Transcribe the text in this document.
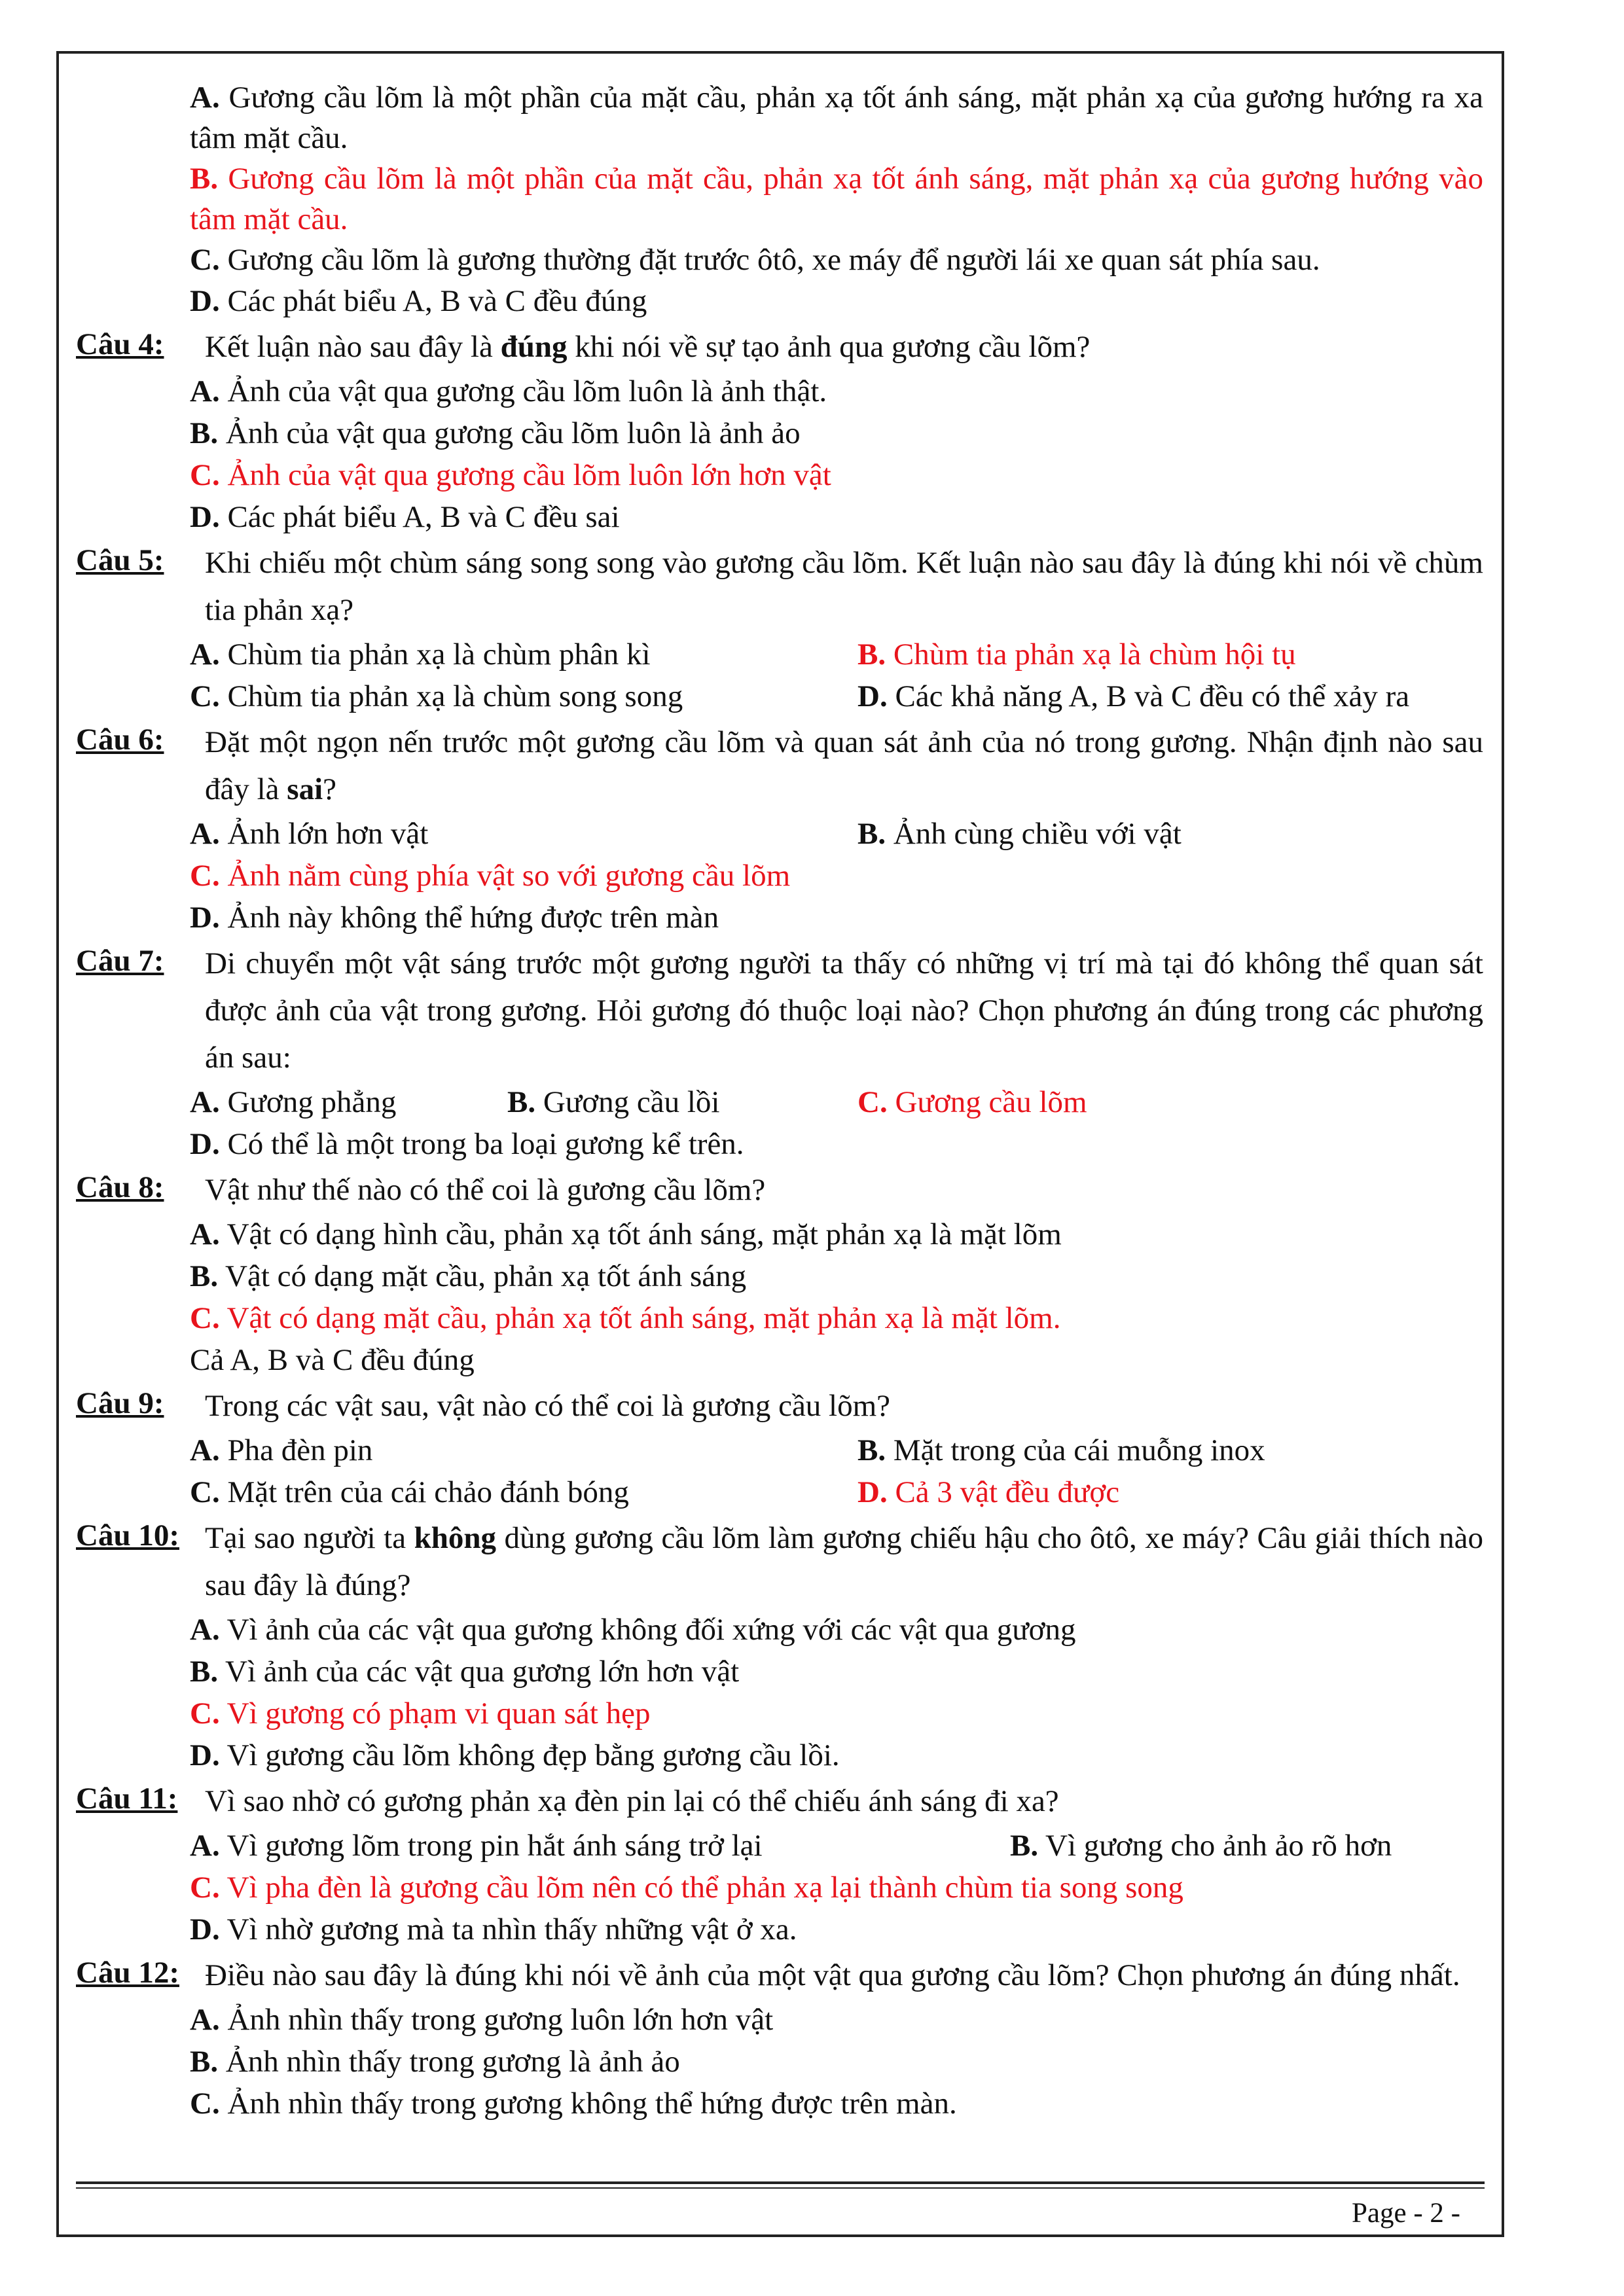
A. Gương cầu lõm là một phần của mặt cầu, phản xạ tốt ánh sáng, mặt phản xạ của gương hướng ra xa tâm mặt cầu.
B. Gương cầu lõm là một phần của mặt cầu, phản xạ tốt ánh sáng, mặt phản xạ của gương hướng vào tâm mặt cầu.
C. Gương cầu lõm là gương thường đặt trước ôtô, xe máy để người lái xe quan sát phía sau.
D. Các phát biểu A, B và C đều đúng
Câu 4: Kết luận nào sau đây là đúng khi nói về sự tạo ảnh qua gương cầu lõm?
A. Ảnh của vật qua gương cầu lõm luôn là ảnh thật.
B. Ảnh của vật qua gương cầu lõm luôn là ảnh ảo
C. Ảnh của vật qua gương cầu lõm luôn lớn hơn vật
D. Các phát biểu A, B và C đều sai
Câu 5: Khi chiếu một chùm sáng song song vào gương cầu lõm. Kết luận nào sau đây là đúng khi nói về chùm tia phản xạ?
A. Chùm tia phản xạ là chùm phân kì	B. Chùm tia phản xạ là chùm hội tụ
C. Chùm tia phản xạ là chùm song song	D. Các khả năng A, B và C đều có thể xảy ra
Câu 6: Đặt một ngọn nến trước một gương cầu lõm và quan sát ảnh của nó trong gương. Nhận định nào sau đây là sai?
A. Ảnh lớn hơn vật	B. Ảnh cùng chiều với vật
C. Ảnh nằm cùng phía vật so với gương cầu lõm
D. Ảnh này không thể hứng được trên màn
Câu 7: Di chuyển một vật sáng trước một gương người ta thấy có những vị trí mà tại đó không thể quan sát được ảnh của vật trong gương. Hỏi gương đó thuộc loại nào? Chọn phương án đúng trong các phương án sau:
A. Gương phẳng	B. Gương cầu lồi	C. Gương cầu lõm
D. Có thể là một trong ba loại gương kể trên.
Câu 8: Vật như thế nào có thể coi là gương cầu lõm?
A. Vật có dạng hình cầu, phản xạ tốt ánh sáng, mặt phản xạ là mặt lõm
B. Vật có dạng mặt cầu, phản xạ tốt ánh sáng
C. Vật có dạng mặt cầu, phản xạ tốt ánh sáng, mặt phản xạ là mặt lõm.
Cả A, B và C đều đúng
Câu 9: Trong các vật sau, vật nào có thể coi là gương cầu lõm?
A. Pha đèn pin	B. Mặt trong của cái muỗng inox
C. Mặt trên của cái chảo đánh bóng	D. Cả 3 vật đều được
Câu 10: Tại sao người ta không dùng gương cầu lõm làm gương chiếu hậu cho ôtô, xe máy? Câu giải thích nào sau đây là đúng?
A. Vì ảnh của các vật qua gương không đối xứng với các vật qua gương
B. Vì ảnh của các vật qua gương lớn hơn vật
C. Vì gương có phạm vi quan sát hẹp
D. Vì gương cầu lõm không đẹp bằng gương cầu lồi.
Câu 11: Vì sao nhờ có gương phản xạ đèn pin lại có thể chiếu ánh sáng đi xa?
A. Vì gương lõm trong pin hắt ánh sáng trở lại	B. Vì gương cho ảnh ảo rõ hơn
C. Vì pha đèn là gương cầu lõm nên có thể phản xạ lại thành chùm tia song song
D. Vì nhờ gương mà ta nhìn thấy những vật ở xa.
Câu 12: Điều nào sau đây là đúng khi nói về ảnh của một vật qua gương cầu lõm? Chọn phương án đúng nhất.
A. Ảnh nhìn thấy trong gương luôn lớn hơn vật
B. Ảnh nhìn thấy trong gương là ảnh ảo
C. Ảnh nhìn thấy trong gương không thể hứng được trên màn.
Page - 2 -
